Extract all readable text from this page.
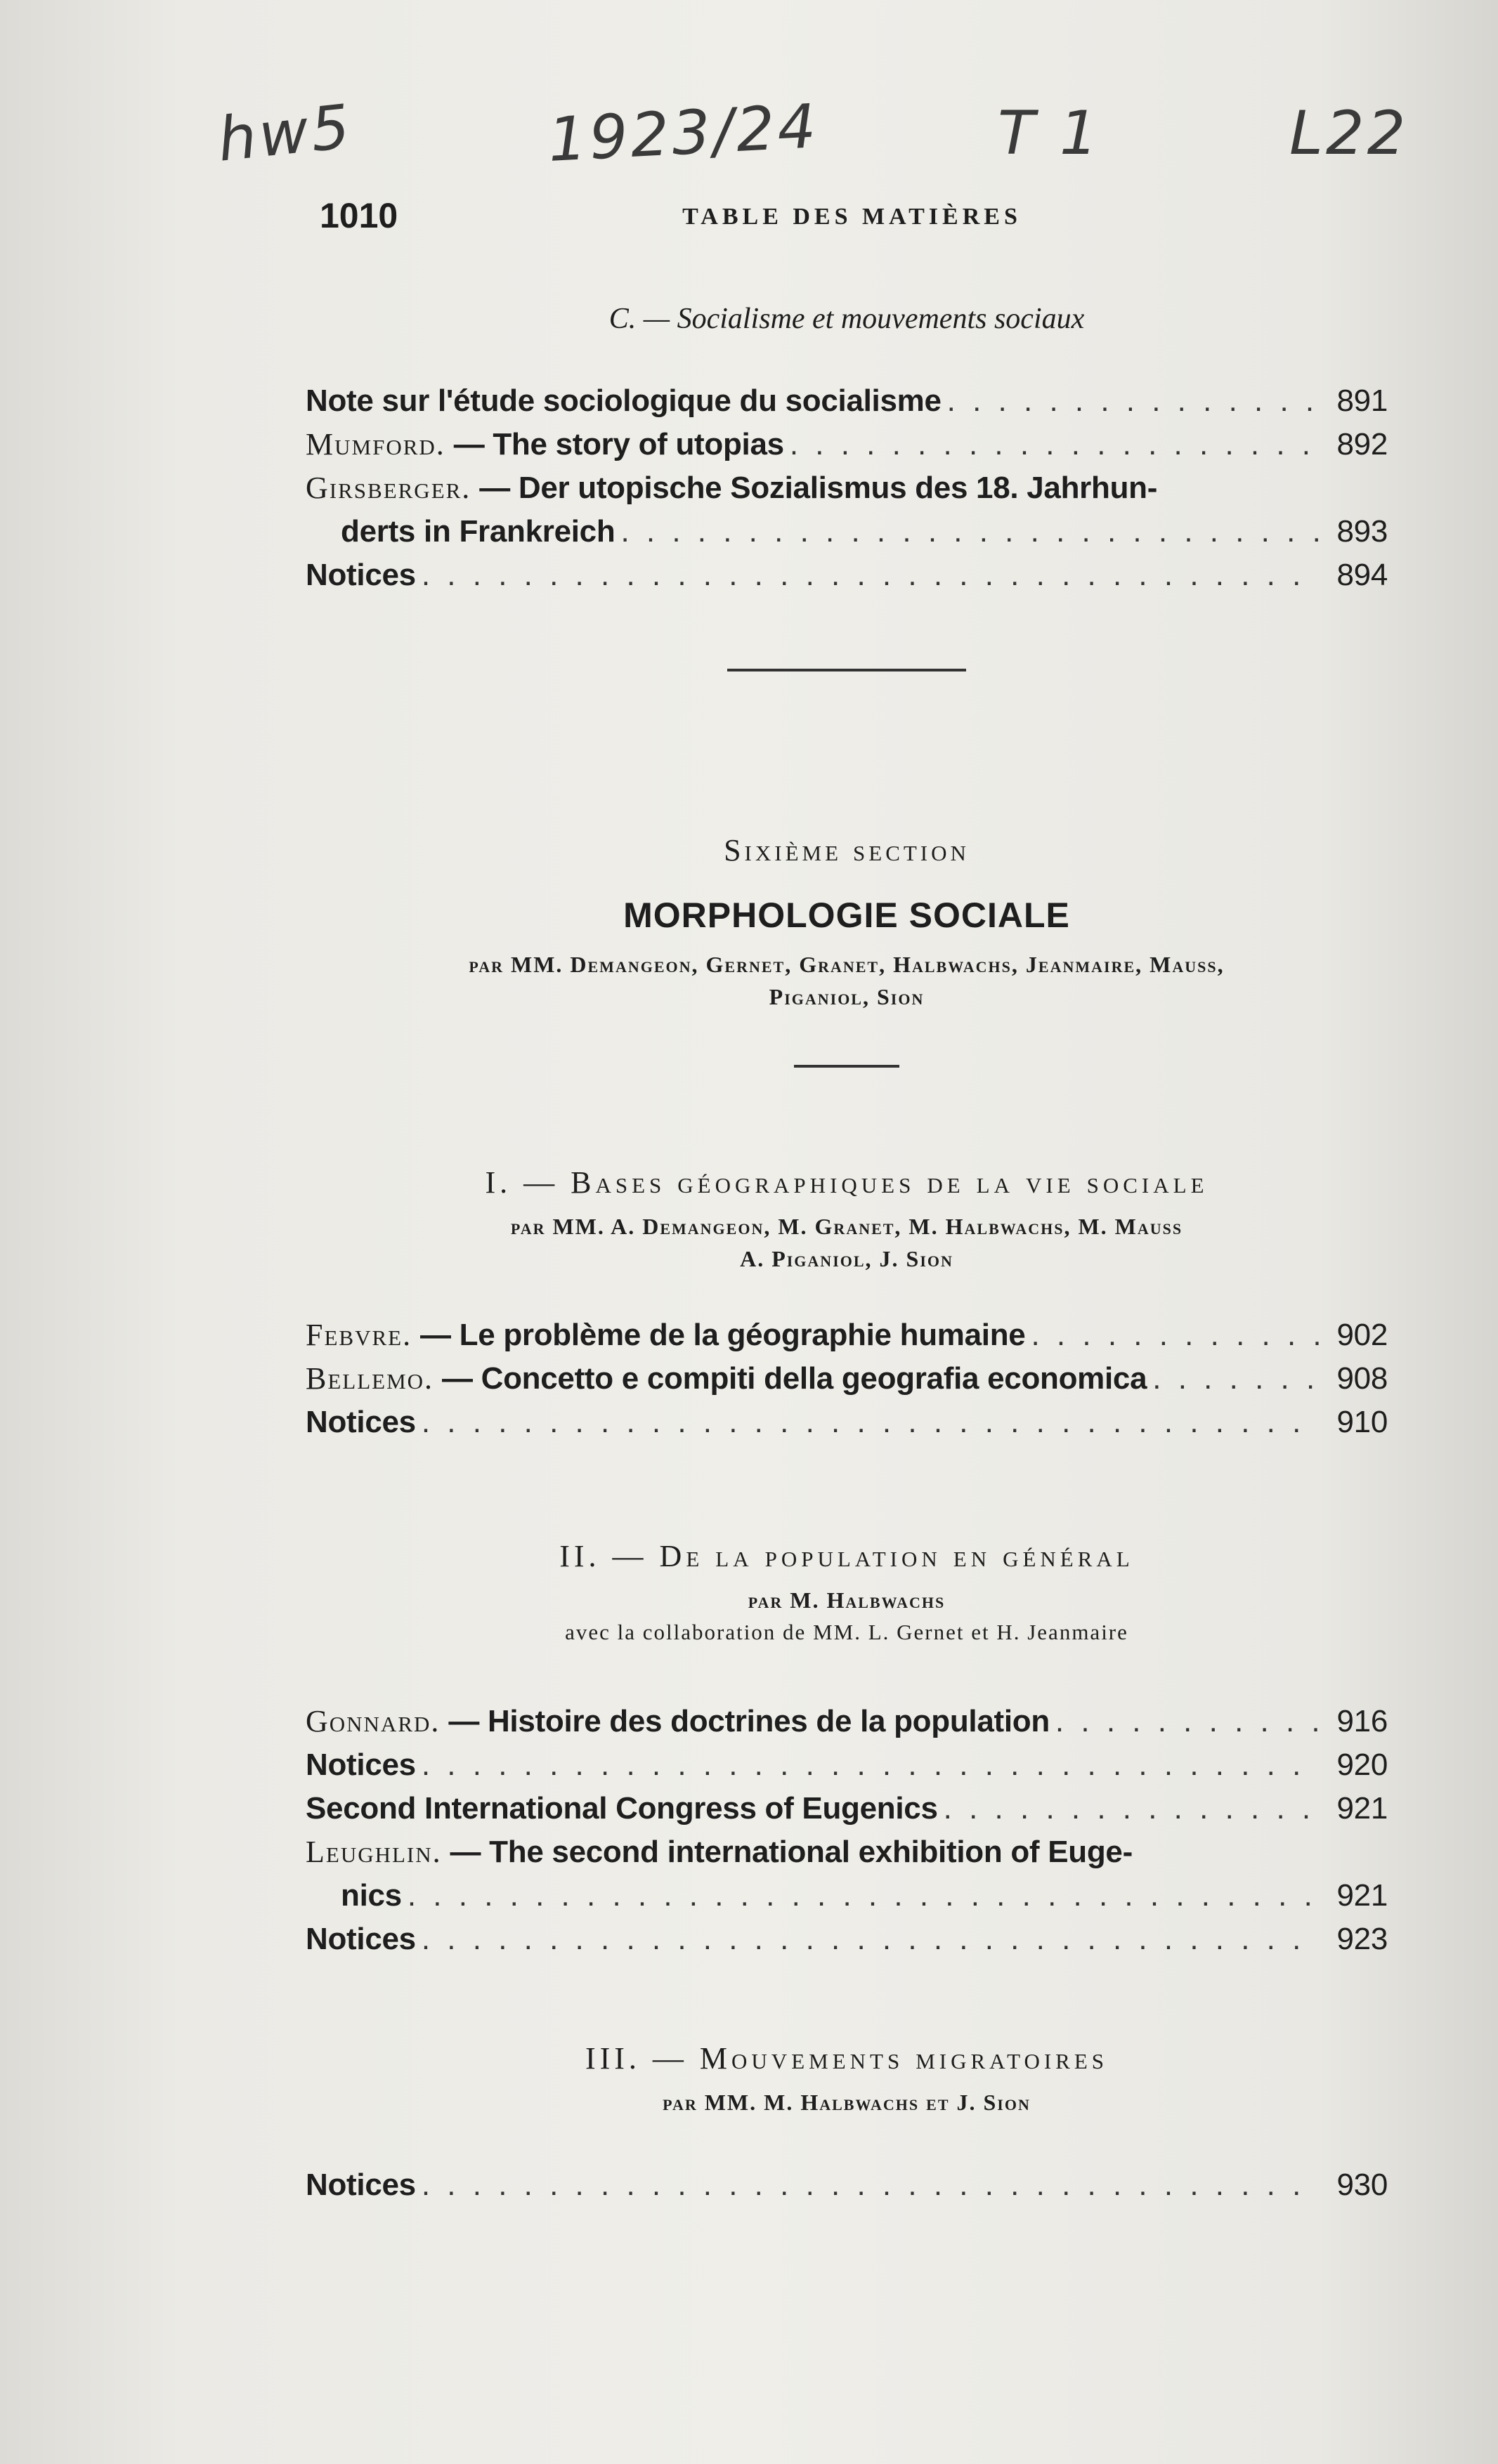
hw5	1923/24	T 1	L22
1010	TABLE DES MATIÈRES
C. — Socialisme et mouvements sociaux
Note sur l'étude sociologique du socialisme . . .	891
Mumford. — The story of utopias . . .	892
Girsberger. — Der utopische Sozialismus des 18. Jahrhun-
derts in Frankreich . . .	893
Notices . . .	894
Sixième section
MORPHOLOGIE SOCIALE
par MM. Demangeon, Gernet, Granet, Halbwachs, Jeanmaire, Mauss,
Piganiol, Sion
I. — Bases géographiques de la vie sociale
par MM. A. Demangeon, M. Granet, M. Halbwachs, M. Mauss
A. Piganiol, J. Sion
Febvre. — Le problème de la géographie humaine . . .	902
Bellemo. — Concetto e compiti della geografia economica . . .	908
Notices . . .	910
II. — De la population en général
par M. Halbwachs
avec la collaboration de MM. L. Gernet et H. Jeanmaire
Gonnard. — Histoire des doctrines de la population . . .	916
Notices . . .	920
Second International Congress of Eugenics . . .	921
Leughlin. — The second international exhibition of Euge-
nics . . .	921
Notices . . .	923
III. — Mouvements migratoires
par MM. M. Halbwachs et J. Sion
Notices . . .	930
